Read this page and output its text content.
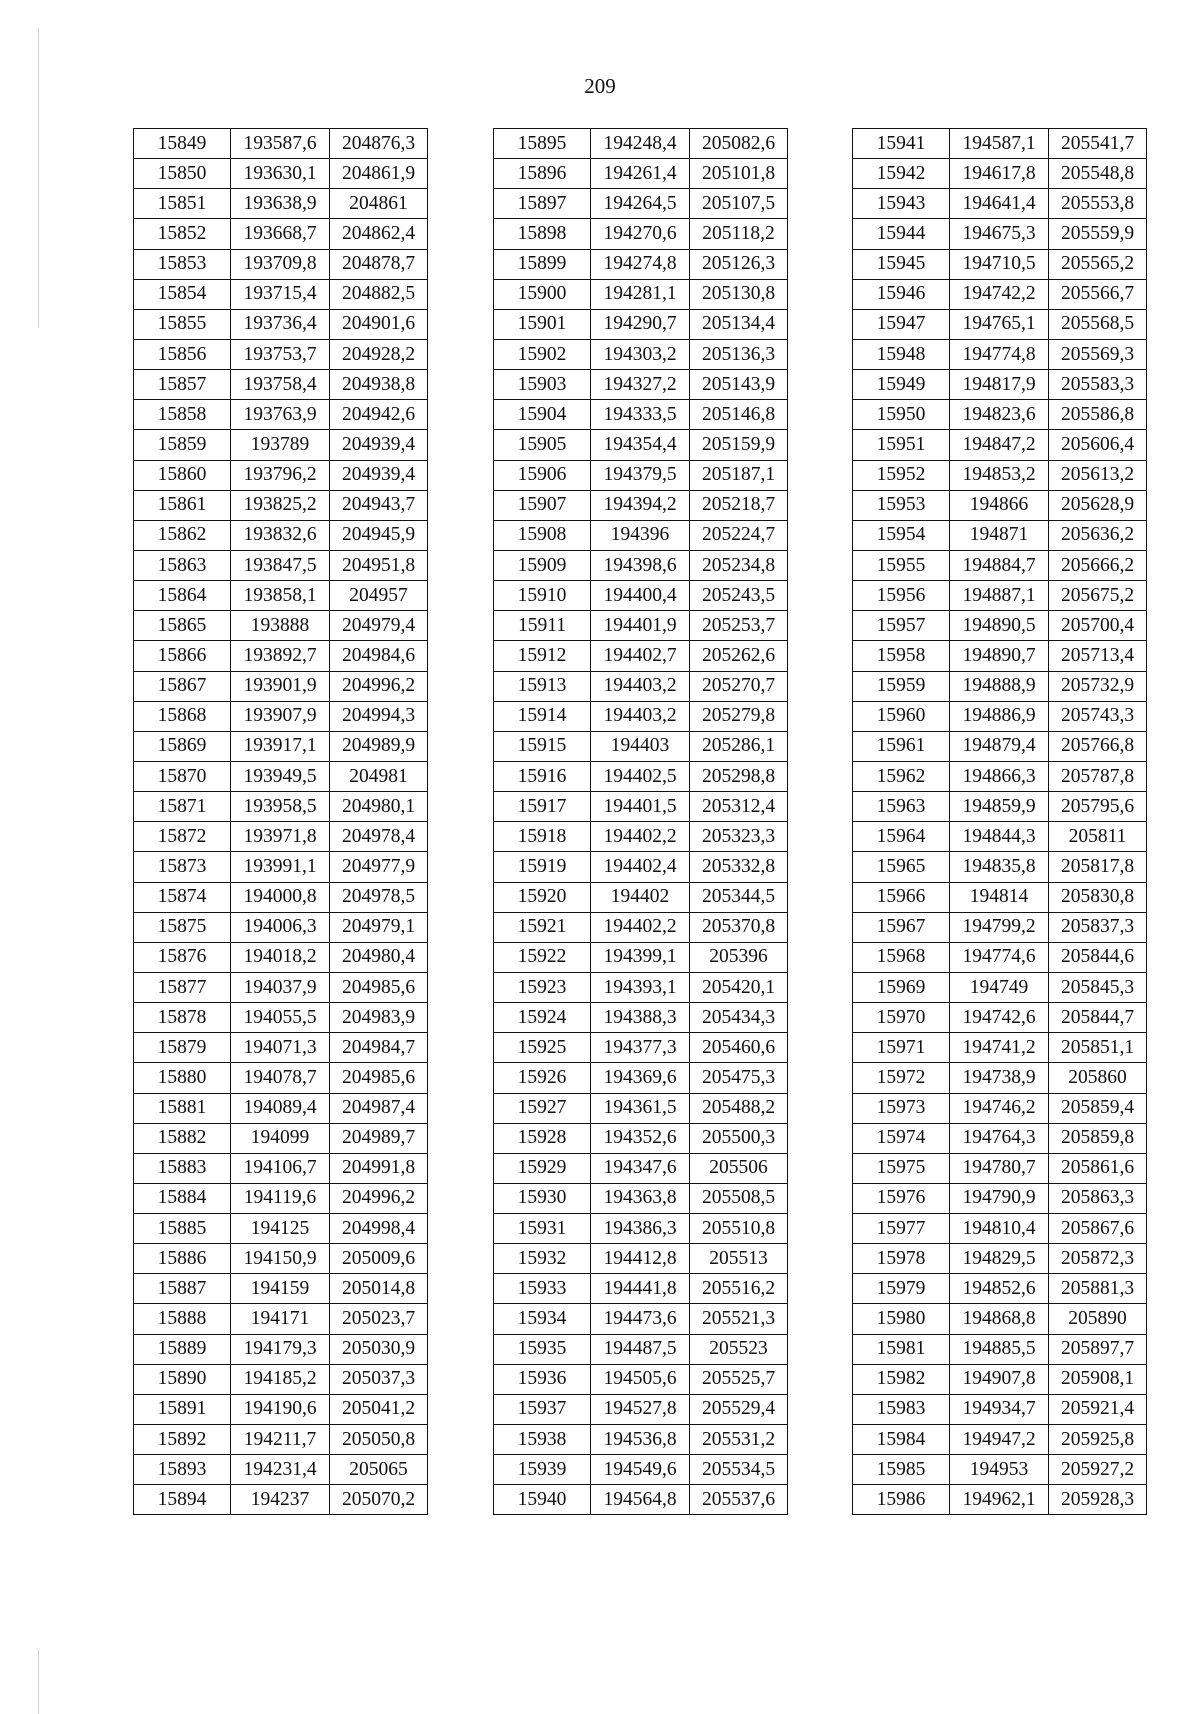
209
15849	193587,6	204876,3
15850	193630,1	204861,9
15851	193638,9	204861
15852	193668,7	204862,4
15853	193709,8	204878,7
15854	193715,4	204882,5
15855	193736,4	204901,6
15856	193753,7	204928,2
15857	193758,4	204938,8
15858	193763,9	204942,6
15859	193789	204939,4
15860	193796,2	204939,4
15861	193825,2	204943,7
15862	193832,6	204945,9
15863	193847,5	204951,8
15864	193858,1	204957
15865	193888	204979,4
15866	193892,7	204984,6
15867	193901,9	204996,2
15868	193907,9	204994,3
15869	193917,1	204989,9
15870	193949,5	204981
15871	193958,5	204980,1
15872	193971,8	204978,4
15873	193991,1	204977,9
15874	194000,8	204978,5
15875	194006,3	204979,1
15876	194018,2	204980,4
15877	194037,9	204985,6
15878	194055,5	204983,9
15879	194071,3	204984,7
15880	194078,7	204985,6
15881	194089,4	204987,4
15882	194099	204989,7
15883	194106,7	204991,8
15884	194119,6	204996,2
15885	194125	204998,4
15886	194150,9	205009,6
15887	194159	205014,8
15888	194171	205023,7
15889	194179,3	205030,9
15890	194185,2	205037,3
15891	194190,6	205041,2
15892	194211,7	205050,8
15893	194231,4	205065
15894	194237	205070,2
15895	194248,4	205082,6
15896	194261,4	205101,8
15897	194264,5	205107,5
15898	194270,6	205118,2
15899	194274,8	205126,3
15900	194281,1	205130,8
15901	194290,7	205134,4
15902	194303,2	205136,3
15903	194327,2	205143,9
15904	194333,5	205146,8
15905	194354,4	205159,9
15906	194379,5	205187,1
15907	194394,2	205218,7
15908	194396	205224,7
15909	194398,6	205234,8
15910	194400,4	205243,5
15911	194401,9	205253,7
15912	194402,7	205262,6
15913	194403,2	205270,7
15914	194403,2	205279,8
15915	194403	205286,1
15916	194402,5	205298,8
15917	194401,5	205312,4
15918	194402,2	205323,3
15919	194402,4	205332,8
15920	194402	205344,5
15921	194402,2	205370,8
15922	194399,1	205396
15923	194393,1	205420,1
15924	194388,3	205434,3
15925	194377,3	205460,6
15926	194369,6	205475,3
15927	194361,5	205488,2
15928	194352,6	205500,3
15929	194347,6	205506
15930	194363,8	205508,5
15931	194386,3	205510,8
15932	194412,8	205513
15933	194441,8	205516,2
15934	194473,6	205521,3
15935	194487,5	205523
15936	194505,6	205525,7
15937	194527,8	205529,4
15938	194536,8	205531,2
15939	194549,6	205534,5
15940	194564,8	205537,6
15941	194587,1	205541,7
15942	194617,8	205548,8
15943	194641,4	205553,8
15944	194675,3	205559,9
15945	194710,5	205565,2
15946	194742,2	205566,7
15947	194765,1	205568,5
15948	194774,8	205569,3
15949	194817,9	205583,3
15950	194823,6	205586,8
15951	194847,2	205606,4
15952	194853,2	205613,2
15953	194866	205628,9
15954	194871	205636,2
15955	194884,7	205666,2
15956	194887,1	205675,2
15957	194890,5	205700,4
15958	194890,7	205713,4
15959	194888,9	205732,9
15960	194886,9	205743,3
15961	194879,4	205766,8
15962	194866,3	205787,8
15963	194859,9	205795,6
15964	194844,3	205811
15965	194835,8	205817,8
15966	194814	205830,8
15967	194799,2	205837,3
15968	194774,6	205844,6
15969	194749	205845,3
15970	194742,6	205844,7
15971	194741,2	205851,1
15972	194738,9	205860
15973	194746,2	205859,4
15974	194764,3	205859,8
15975	194780,7	205861,6
15976	194790,9	205863,3
15977	194810,4	205867,6
15978	194829,5	205872,3
15979	194852,6	205881,3
15980	194868,8	205890
15981	194885,5	205897,7
15982	194907,8	205908,1
15983	194934,7	205921,4
15984	194947,2	205925,8
15985	194953	205927,2
15986	194962,1	205928,3
